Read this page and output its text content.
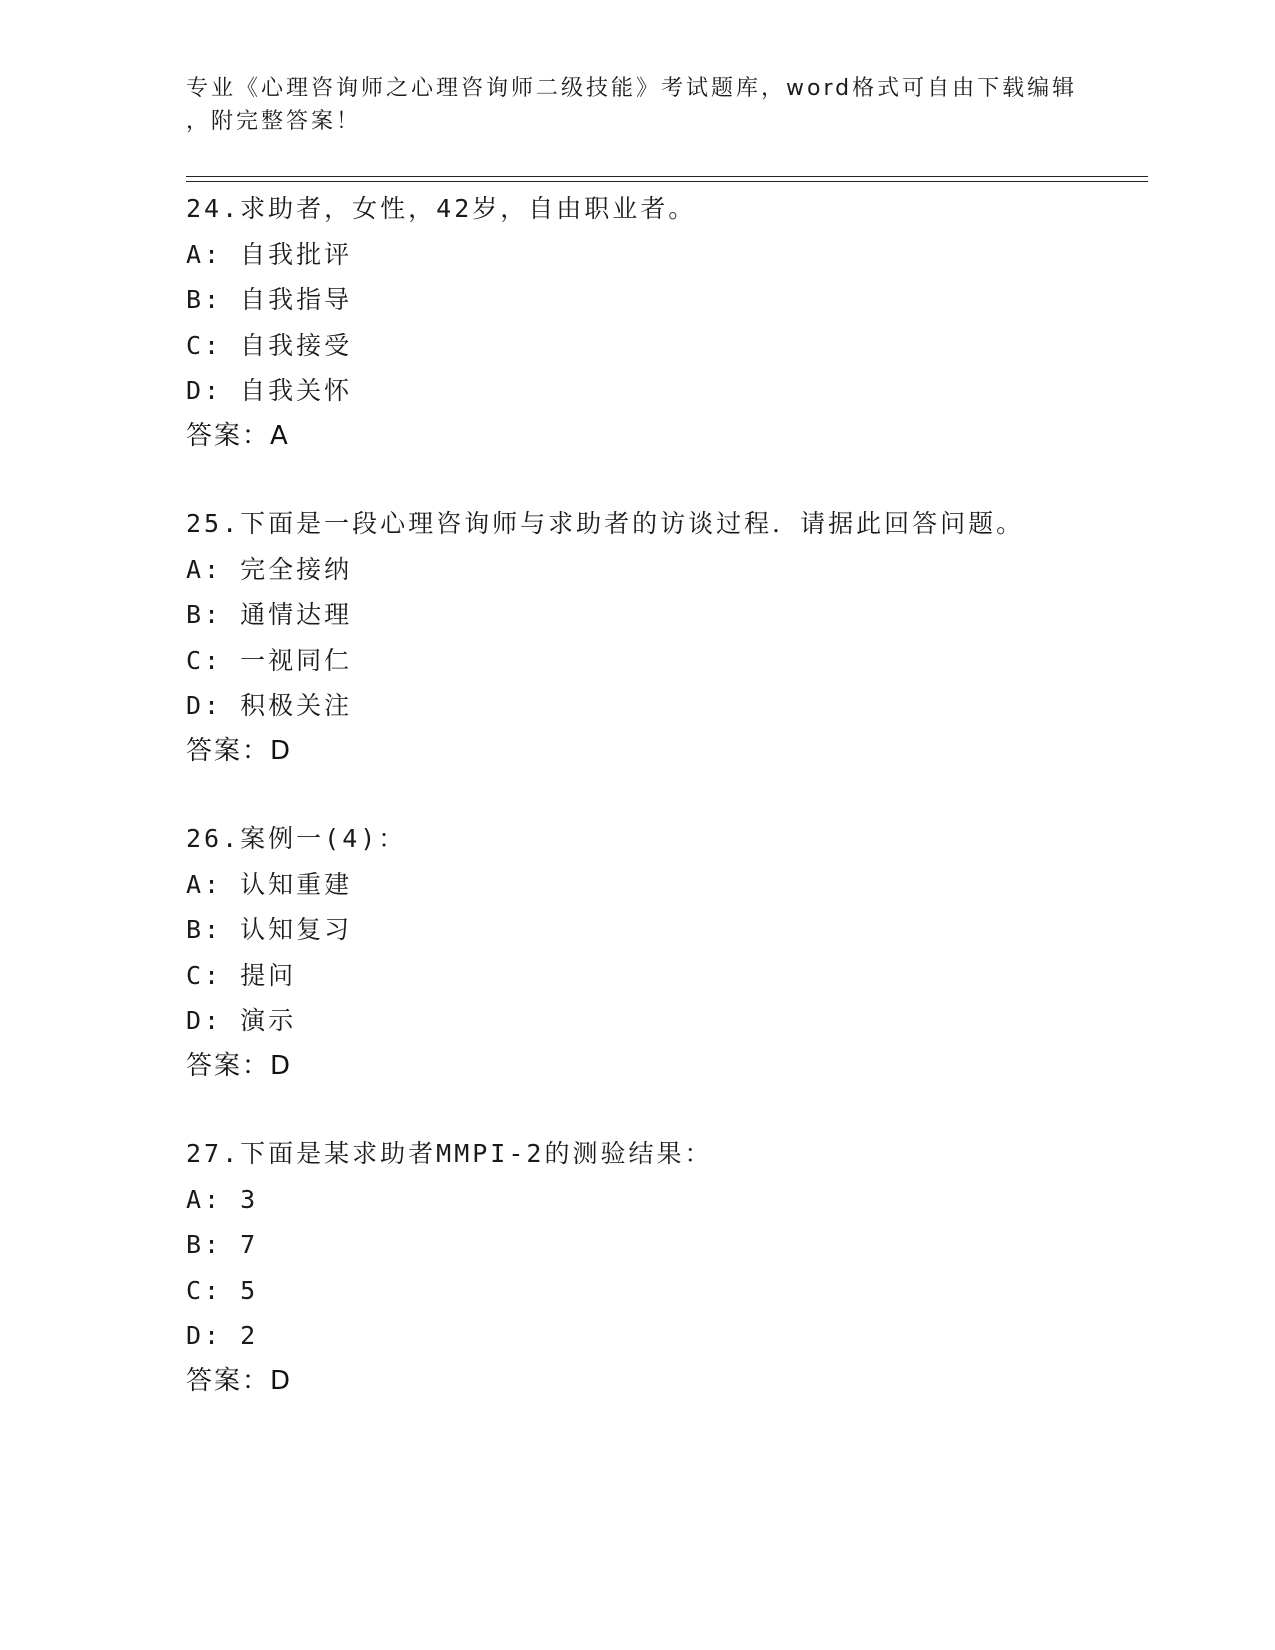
专业《心理咨询师之心理咨询师二级技能》考试题库，word格式可自由下载编辑
，附完整答案！
24.求助者，女性，42岁，自由职业者。
A: 自我批评
B: 自我指导
C: 自我接受
D: 自我关怀
答案：A
25.下面是一段心理咨询师与求助者的访谈过程．请据此回答问题。
A: 完全接纳
B: 通情达理
C: 一视同仁
D: 积极关注
答案：D
26.案例一(4)：
A: 认知重建
B: 认知复习
C: 提问
D: 演示
答案：D
27.下面是某求助者MMPI-2的测验结果：
A: 3
B: 7
C: 5
D: 2
答案：D
